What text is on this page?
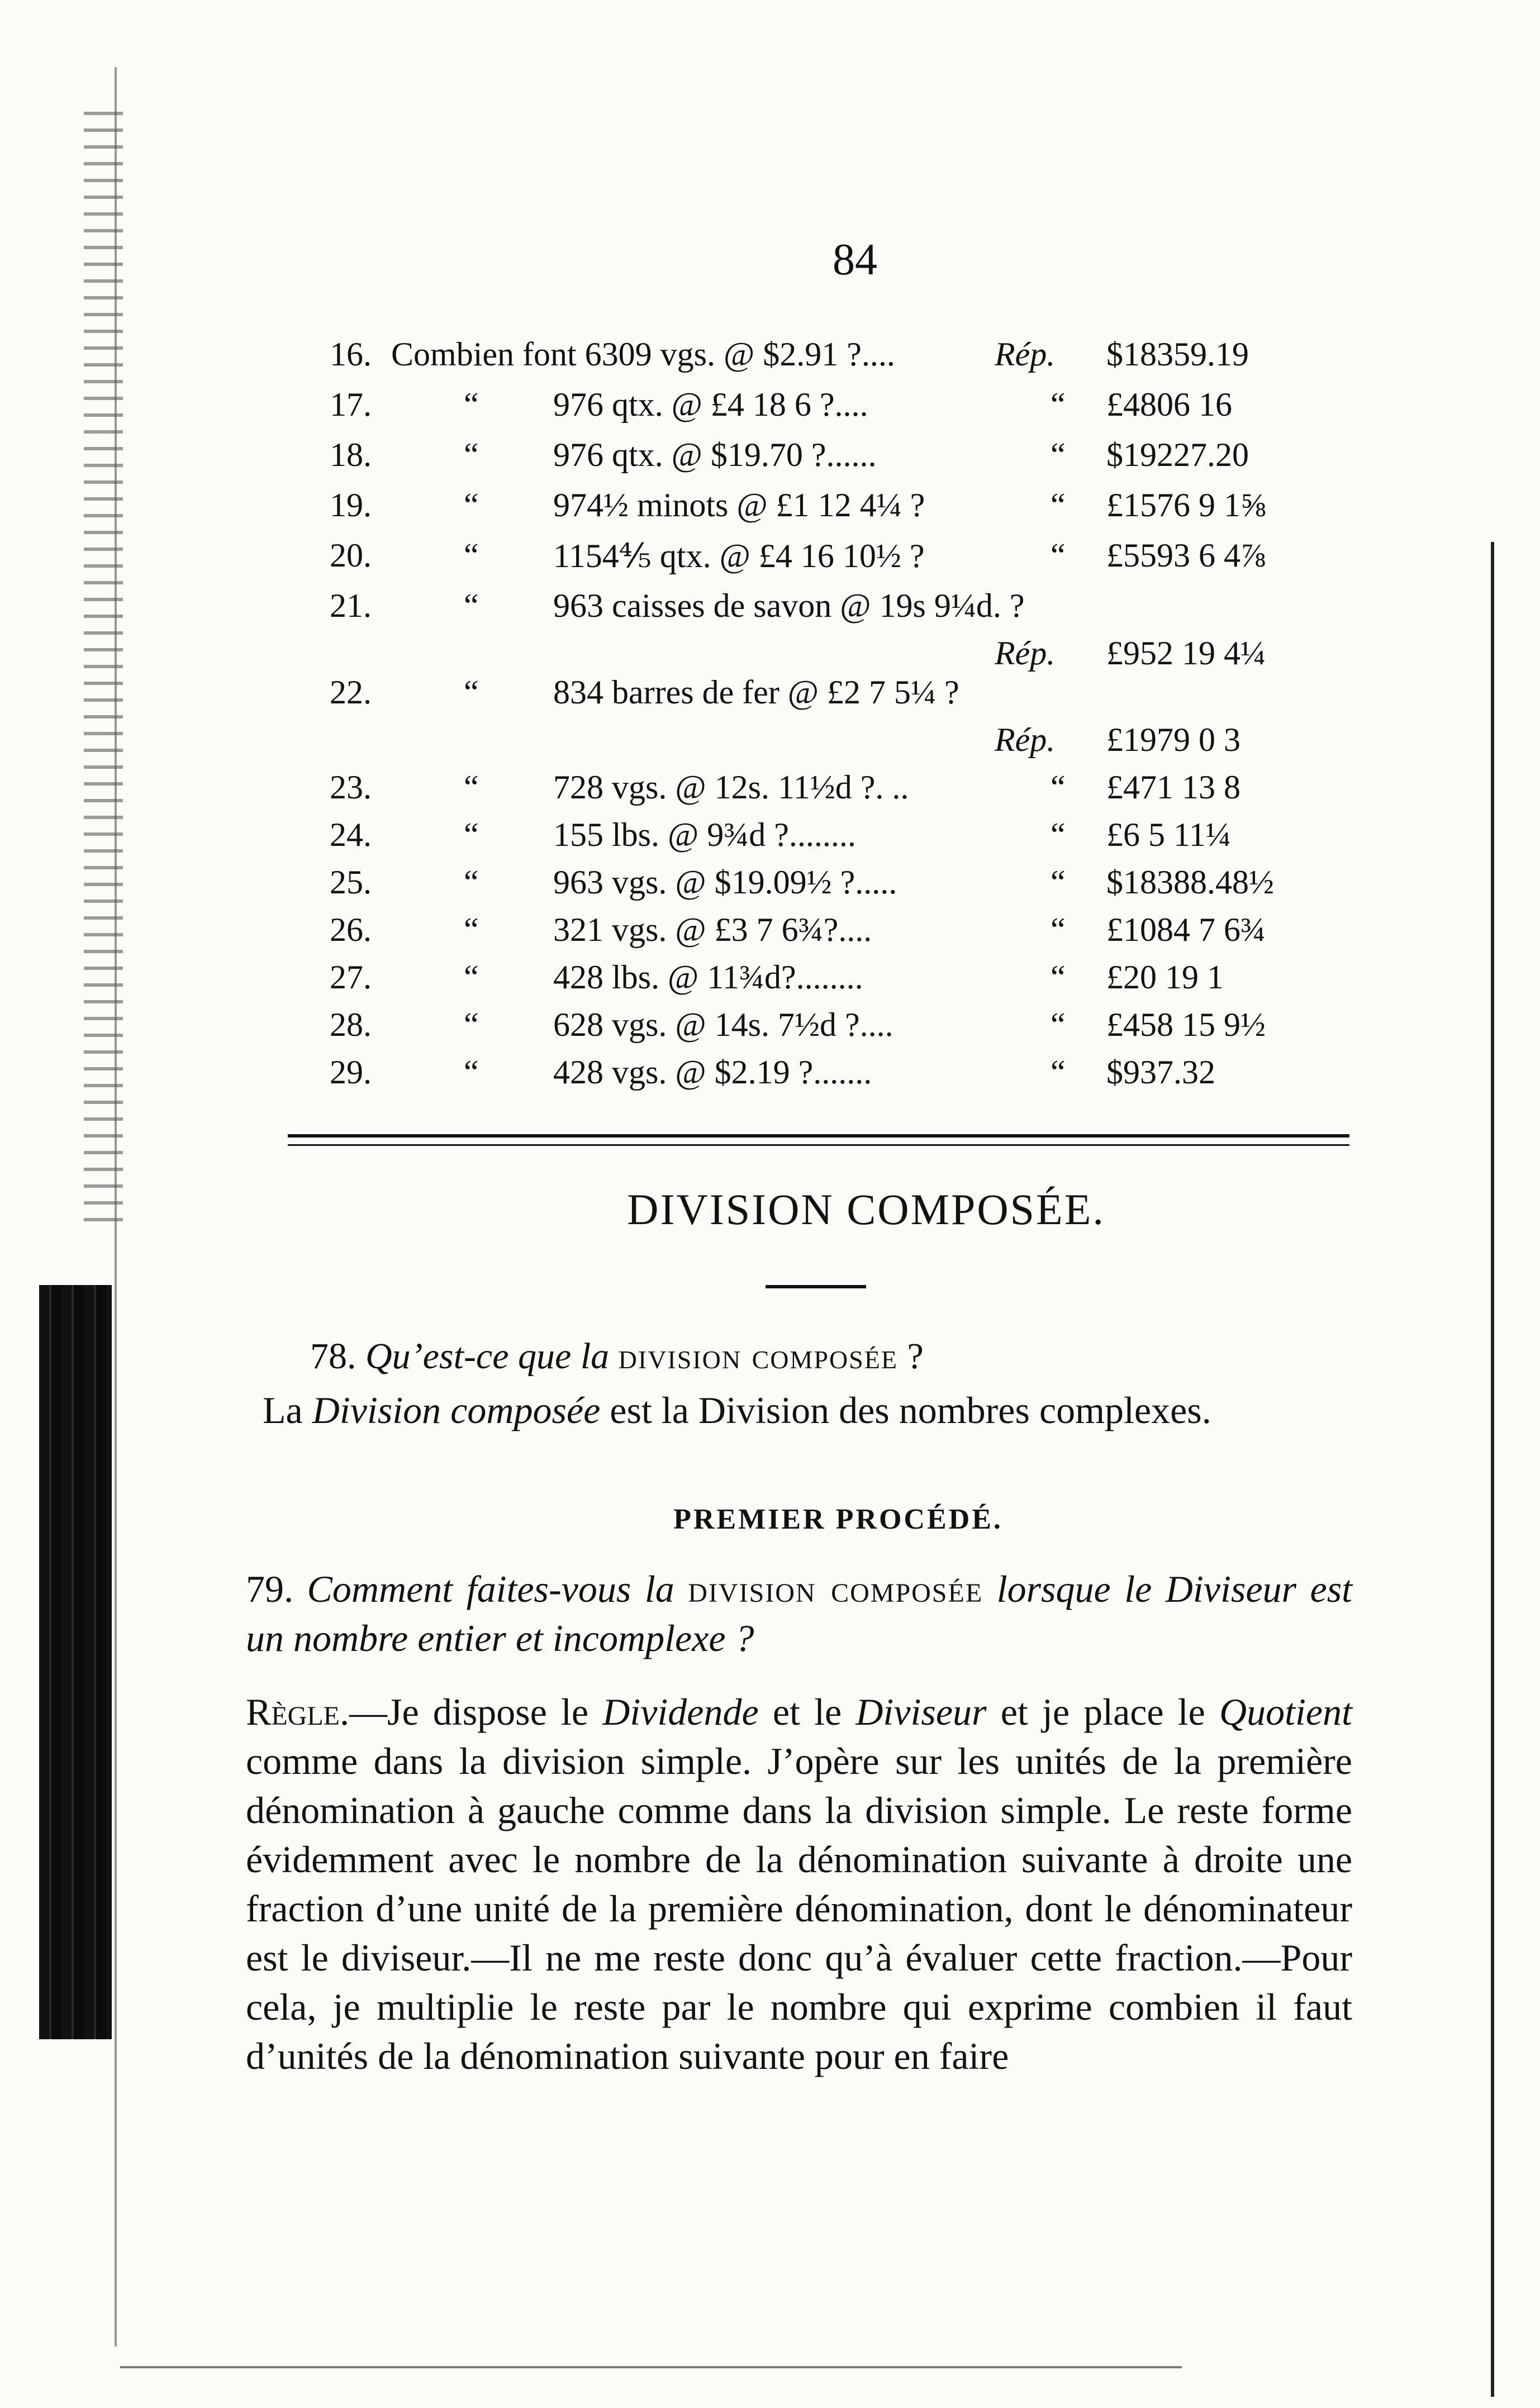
84
16. Combien font 6309 vgs. @ $2.91 ?....	Rép. $18359.19
17.	“ 976 qtx. @ £4 18 6 ?....	“ £4806 16
18.	“ 976 qtx. @ $19.70 ?......	“ $19227.20
19.	“ 974½ minots @ £1 12 4¼ ?	“ £1576 9 1⅝
20.	“ 1154⅘ qtx. @ £4 16 10½ ?	“ £5593 6 4⅞
21.	“ 963 caisses de savon @ 19s 9¼d. ?
Rép. £952 19 4¼
22.	“ 834 barres de fer @ £2 7 5¼ ?
Rép. £1979 0 3
23.	“ 728 vgs. @ 12s. 11½d ?. ..	“ £471 13 8
24.	“ 155 lbs. @ 9¾d ?........	“ £6 5 11¼
25.	“ 963 vgs. @ $19.09½ ?.....	“ $18388.48½
26.	“ 321 vgs. @ £3 7 6¾?....	“ £1084 7 6¾
27.	“ 428 lbs. @ 11¾d?........	“ £20 19 1
28.	“ 628 vgs. @ 14s. 7½d ?....	“ £458 15 9½
29.	“ 428 vgs. @ $2.19 ?.......	“ $937.32
DIVISION COMPOSÉE.
78. Qu’est-ce que la division composée ?
La Division composée est la Division des nombres complexes.
PREMIER PROCÉDÉ.
79. Comment faites-vous la division composée lorsque le Diviseur est un nombre entier et incomplexe ?
Règle.—Je dispose le Dividende et le Diviseur et je place le Quotient comme dans la division simple. J’opère sur les unités de la première dénomination à gauche comme dans la division simple. Le reste forme évidemment avec le nombre de la dénomination suivante à droite une fraction d’une unité de la première dénomination, dont le dénominateur est le diviseur.—Il ne me reste donc qu’à évaluer cette fraction.—Pour cela, je multiplie le reste par le nombre qui exprime combien il faut d’unités de la dénomination suivante pour en faire
